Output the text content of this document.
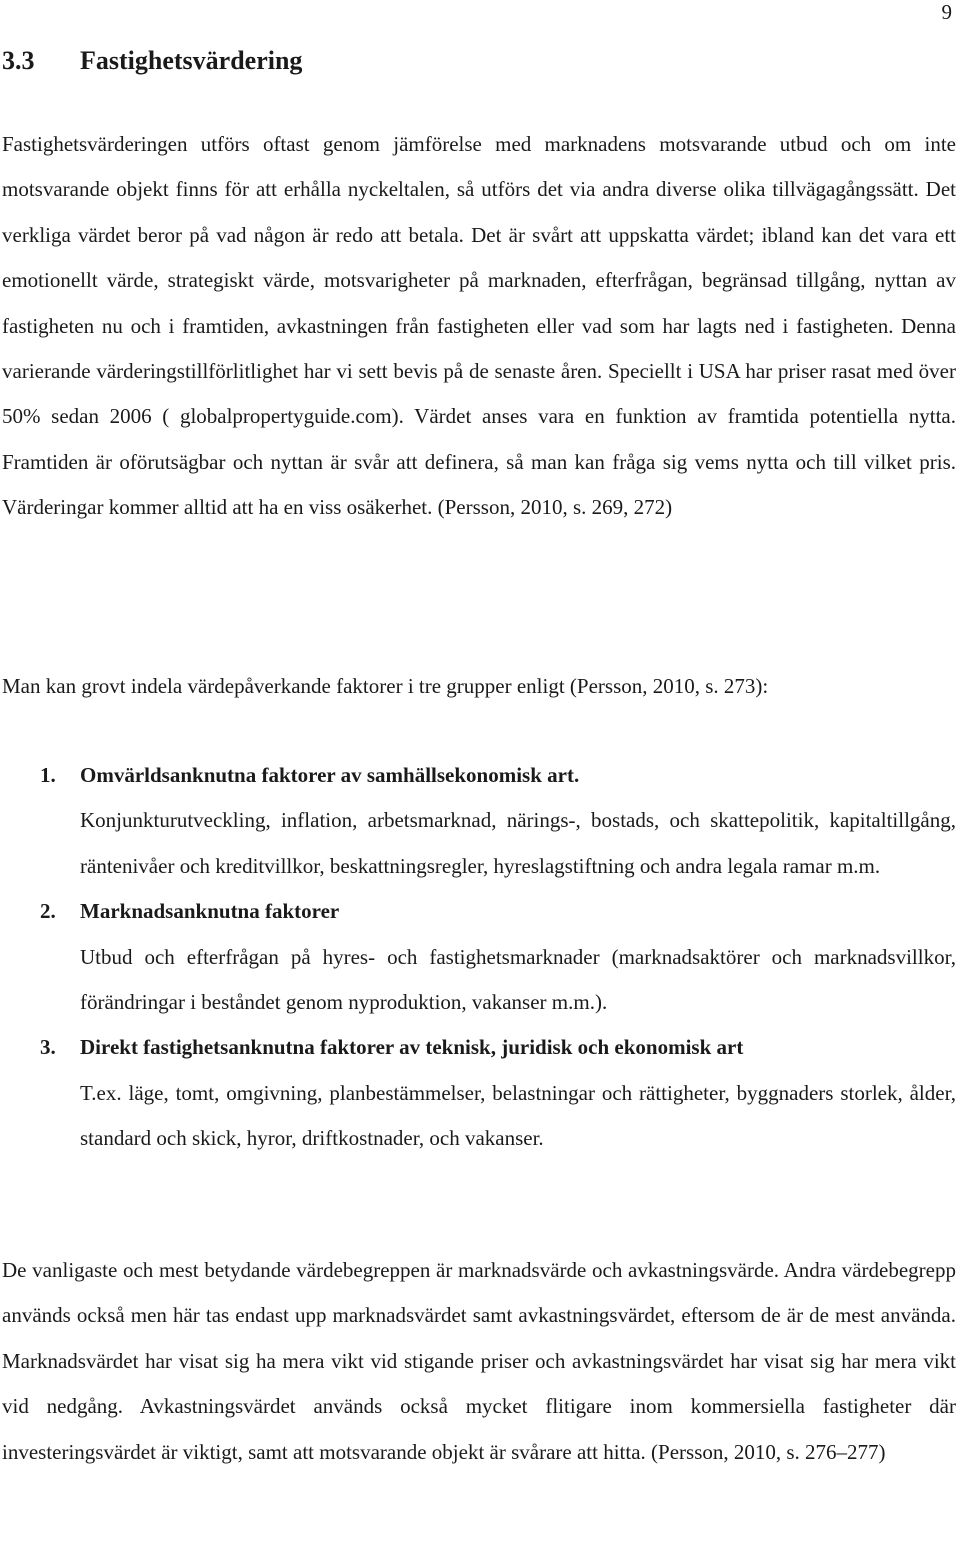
9
3.3 Fastighetsvärdering

Fastighetsvärderingen utförs oftast genom jämförelse med marknadens motsvarande utbud och om inte motsvarande objekt finns för att erhålla nyckeltalen, så utförs det via andra diverse olika tillvägagångssätt. Det verkliga värdet beror på vad någon är redo att betala. Det är svårt att uppskatta värdet; ibland kan det vara ett emotionellt värde, strategiskt värde, motsvarigheter på marknaden, efterfrågan, begränsad tillgång, nyttan av fastigheten nu och i framtiden, avkastningen från fastigheten eller vad som har lagts ned i fastigheten. Denna varierande värderingstillförlitlighet har vi sett bevis på de senaste åren. Speciellt i USA har priser rasat med över 50% sedan 2006 ( globalpropertyguide.com). Värdet anses vara en funktion av framtida potentiella nytta. Framtiden är oförutsägbar och nyttan är svår att definera, så man kan fråga sig vems nytta och till vilket pris. Värderingar kommer alltid att ha en viss osäkerhet. (Persson, 2010, s. 269, 272)

Man kan grovt indela värdepåverkande faktorer i tre grupper enligt (Persson, 2010, s. 273):

1. Omvärldsanknutna faktorer av samhällsekonomisk art.

Konjunkturutveckling, inflation, arbetsmarknad, närings-, bostads, och skattepolitik, kapitaltillgång, räntenivåer och kreditvillkor, beskattningsregler, hyreslagstiftning och andra legala ramar m.m.

2. Marknadsanknutna faktorer

Utbud och efterfrågan på hyres- och fastighetsmarknader (marknadsaktörer och marknadsvillkor, förändringar i beståndet genom nyproduktion, vakanser m.m.).

3. Direkt fastighetsanknutna faktorer av teknisk, juridisk och ekonomisk art

T.ex. läge, tomt, omgivning, planbestämmelser, belastningar och rättigheter, byggnaders storlek, ålder, standard och skick, hyror, driftkostnader, och vakanser.

De vanligaste och mest betydande värdebegreppen är marknadsvärde och avkastningsvärde. Andra värdebegrepp används också men här tas endast upp marknadsvärdet samt avkastningsvärdet, eftersom de är de mest använda. Marknadsvärdet har visat sig ha mera vikt vid stigande priser och avkastningsvärdet har visat sig har mera vikt vid nedgång. Avkastningsvärdet används också mycket flitigare inom kommersiella fastigheter där investeringsvärdet är viktigt, samt att motsvarande objekt är svårare att hitta. (Persson, 2010, s. 276–277)
